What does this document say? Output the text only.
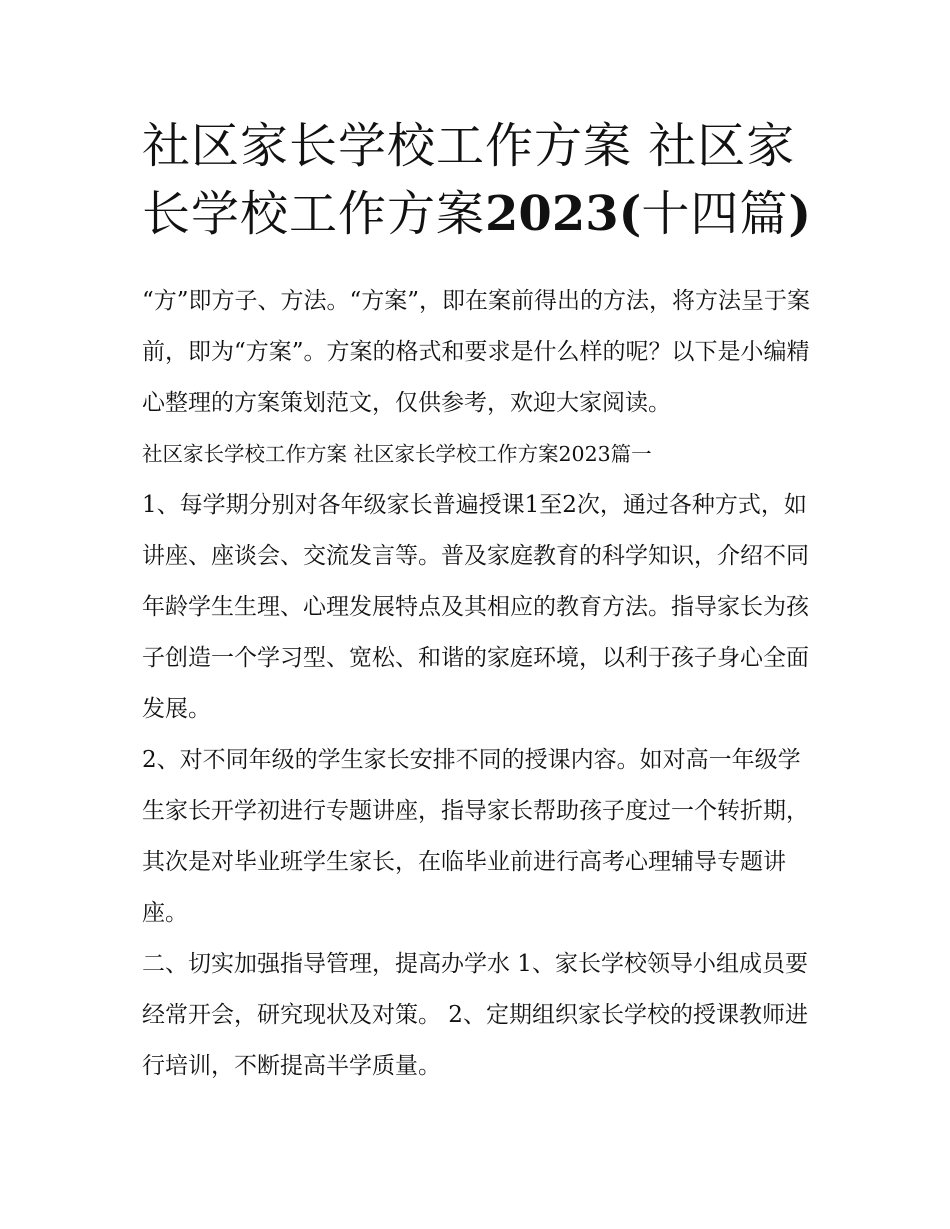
社区家长学校工作方案 社区家长学校工作方案2023(十四篇)

“方”即方子、方法。“方案”，即在案前得出的方法，将方法呈于案前，即为“方案”。方案的格式和要求是什么样的呢？以下是小编精心整理的方案策划范文，仅供参考，欢迎大家阅读。

社区家长学校工作方案 社区家长学校工作方案2023篇一

1、每学期分别对各年级家长普遍授课1至2次，通过各种方式，如讲座、座谈会、交流发言等。普及家庭教育的科学知识，介绍不同年龄学生生理、心理发展特点及其相应的教育方法。指导家长为孩子创造一个学习型、宽松、和谐的家庭环境，以利于孩子身心全面发展。

2、对不同年级的学生家长安排不同的授课内容。如对高一年级学生家长开学初进行专题讲座，指导家长帮助孩子度过一个转折期，其次是对毕业班学生家长，在临毕业前进行高考心理辅导专题讲座。

二、切实加强指导管理，提高办学水 1、家长学校领导小组成员要经常开会，研究现状及对策。 2、定期组织家长学校的授课教师进行培训，不断提高半学质量。
